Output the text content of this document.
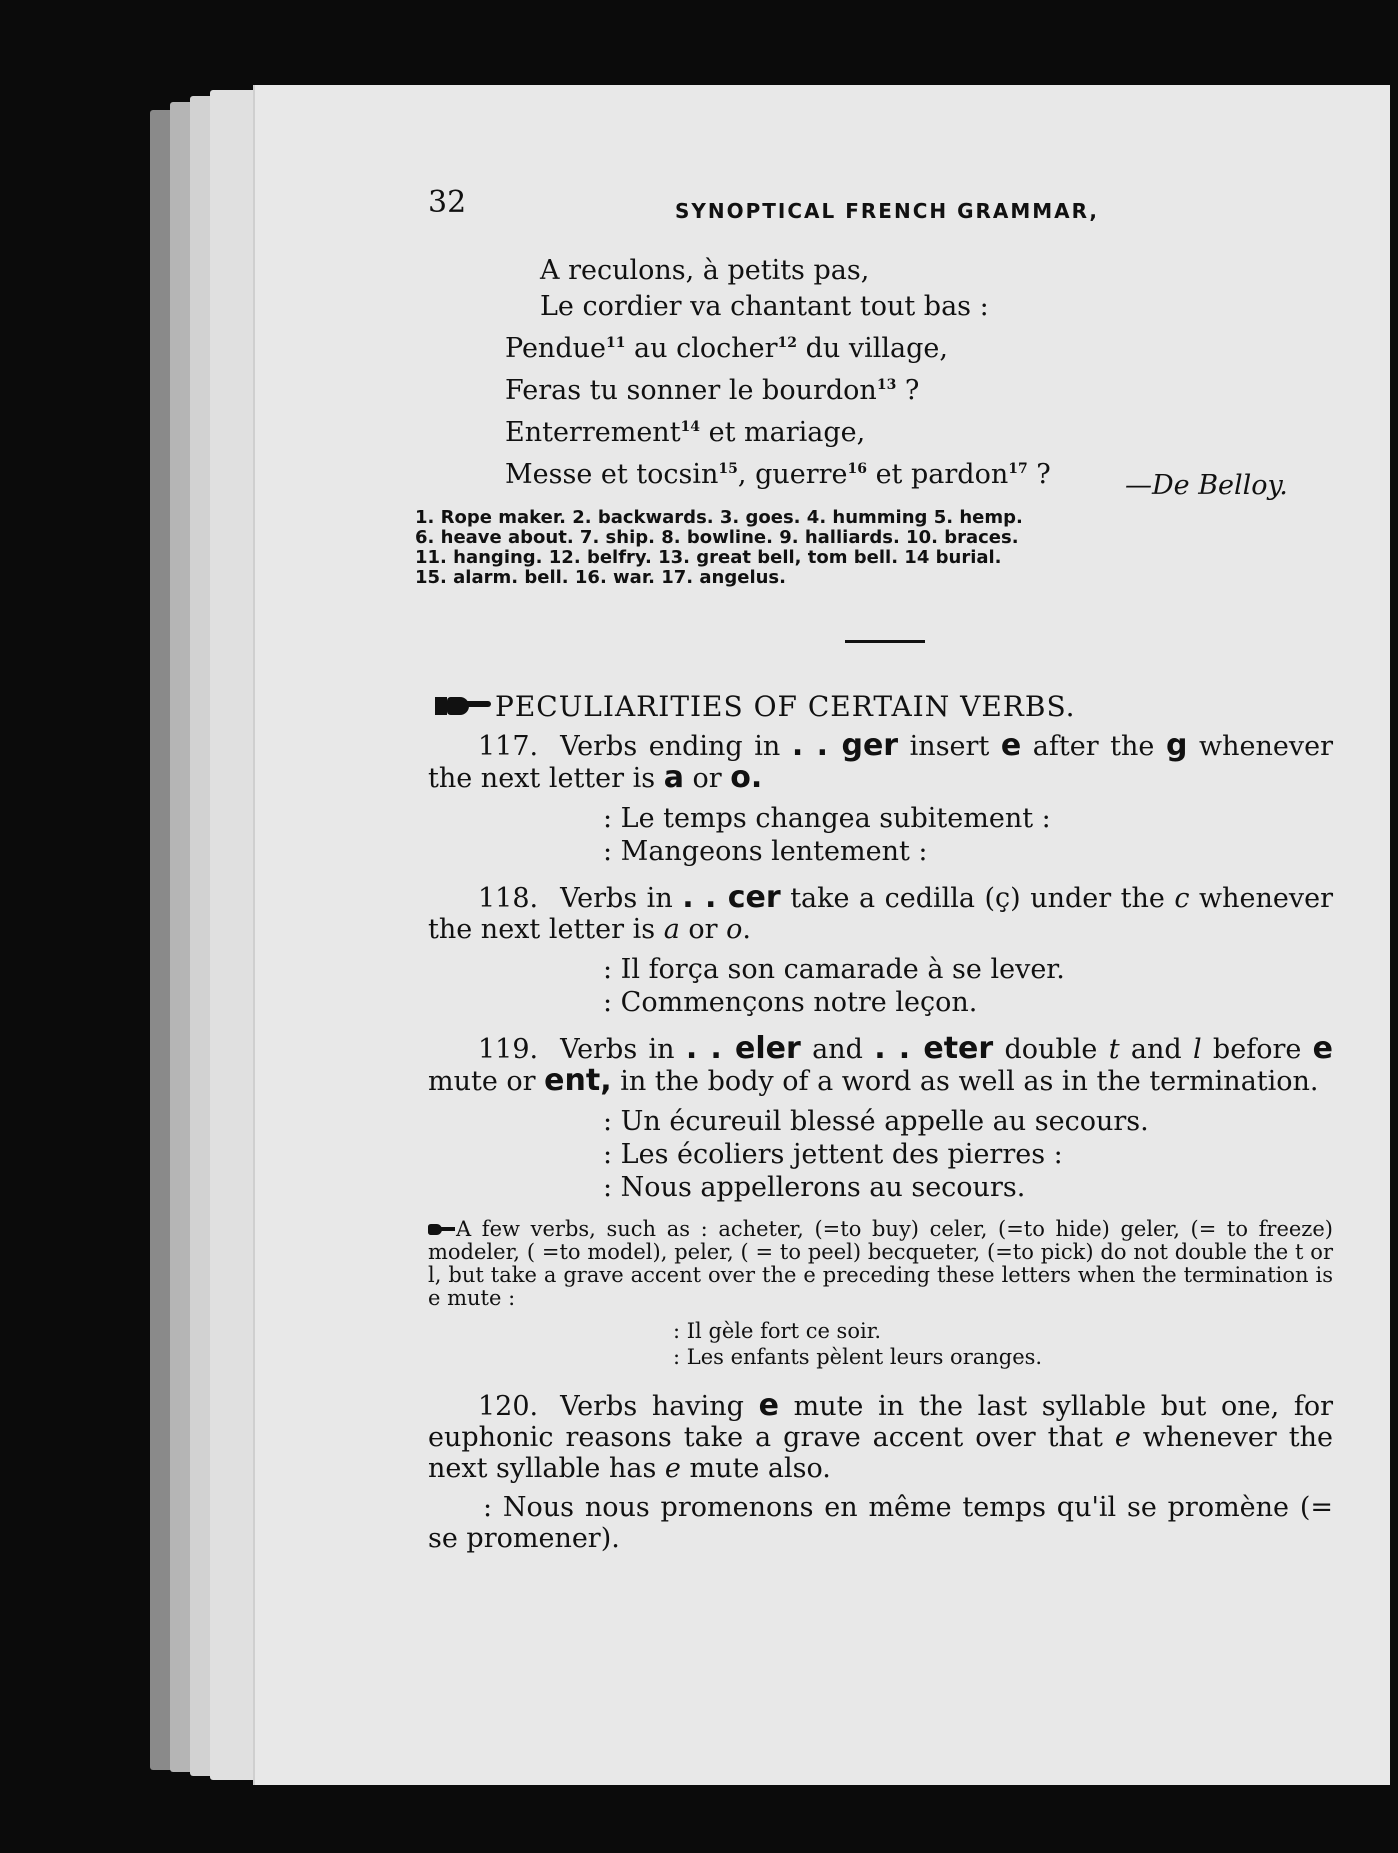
32	SYNOPTICAL FRENCH GRAMMAR,
A reculons, à petits pas,
Le cordier va chantant tout bas :
Pendue$^{11}$ au clocher$^{12}$ du village,
Feras tu sonner le bourdon$^{13}$ ?
Enterrement$^{14}$ et mariage,
Messe et tocsin$^{15}$, guerre$^{16}$ et pardon$^{17}$ ?	—De Belloy.
1. Rope maker. 2. backwards. 3. goes. 4. humming 5. hemp.
6. heave about. 7. ship. 8. bowline. 9. halliards. 10. braces.
11. hanging. 12. belfry. 13. great bell, tom bell. 14 burial.
15. alarm. bell. 16. war. 17. angelus.
PECULIARITIES OF CERTAIN VERBS.

117. Verbs ending in . . ger insert e after the g whenever the next letter is a or o.

: Le temps changea subitement :

: Mangeons lentement :

118. Verbs in . . cer take a cedilla (ç) under the c whenever the next letter is a or o.

: Il força son camarade à se lever.

: Commençons notre leçon.

119. Verbs in . . eler and . . eter double t and l before e mute or ent, in the body of a word as well as in the termination.

: Un écureuil blessé appelle au secours.

: Les écoliers jettent des pierres :

: Nous appellerons au secours.

A few verbs, such as : acheter, (=to buy) celer, (=to hide) geler, (= to freeze) modeler, ( =to model), peler, ( = to peel) becqueter, (=to pick) do not double the t or l, but take a grave accent over the e preceding these letters when the termination is e mute :

: Il gèle fort ce soir.

: Les enfants pèlent leurs oranges.

120. Verbs having e mute in the last syllable but one, for euphonic reasons take a grave accent over that e whenever the next syllable has e mute also.

: Nous nous promenons en même temps qu'il se promène (= se promener).
